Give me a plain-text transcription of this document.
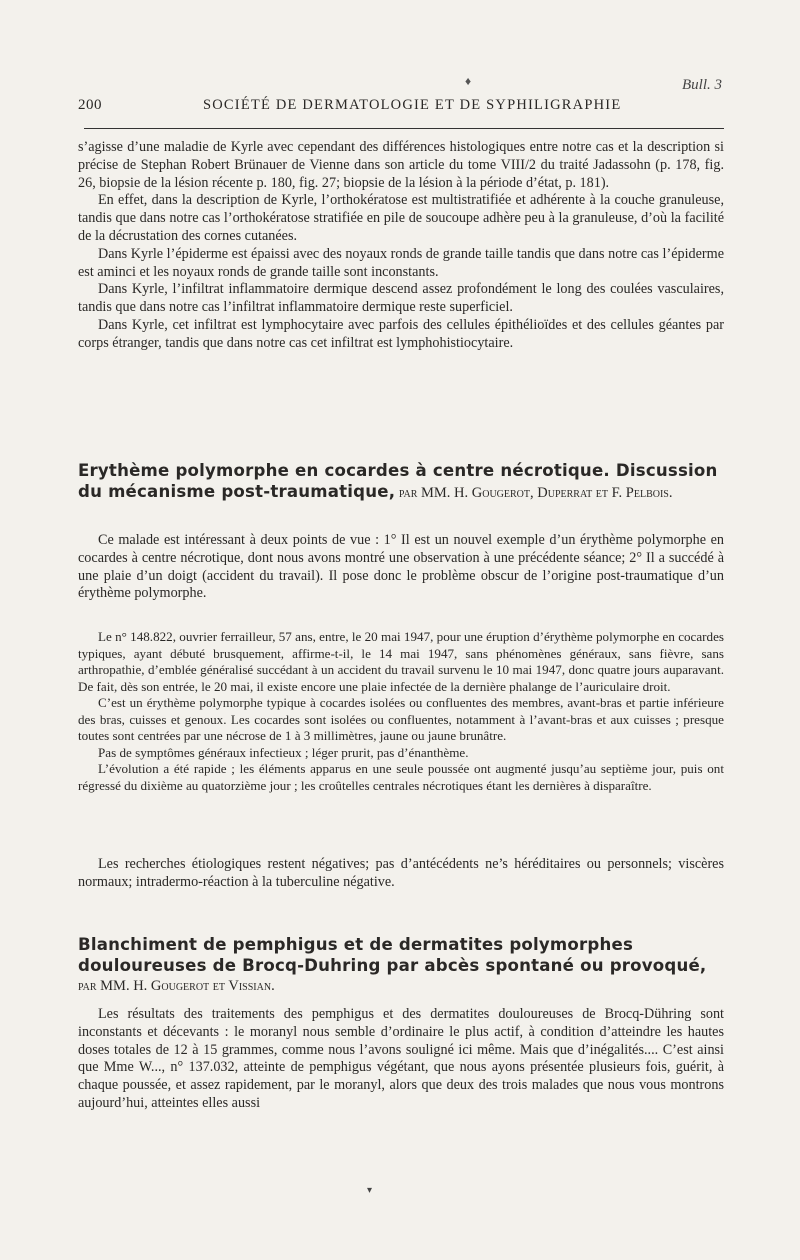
♦	Bull. 3
200	SOCIÉTÉ DE DERMATOLOGIE ET DE SYPHILIGRAPHIE

s’agisse d’une maladie de Kyrle avec cependant des différences histologiques entre notre cas et la description si précise de Stephan Robert Brünauer de Vienne dans son article du tome VIII/2 du traité Jadassohn (p. 178, fig. 26, biopsie de la lésion récente p. 180, fig. 27; biopsie de la lésion à la période d’état, p. 181).

En effet, dans la description de Kyrle, l’orthokératose est multistratifiée et adhérente à la couche granuleuse, tandis que dans notre cas l’orthokératose stratifiée en pile de soucoupe adhère peu à la granuleuse, d’où la facilité de la décrustation des cornes cutanées.

Dans Kyrle l’épiderme est épaissi avec des noyaux ronds de grande taille tandis que dans notre cas l’épiderme est aminci et les noyaux ronds de grande taille sont inconstants.

Dans Kyrle, l’infiltrat inflammatoire dermique descend assez profondément le long des coulées vasculaires, tandis que dans notre cas l’infiltrat inflammatoire dermique reste superficiel.

Dans Kyrle, cet infiltrat est lymphocytaire avec parfois des cellules épithélioïdes et des cellules géantes par corps étranger, tandis que dans notre cas cet infiltrat est lymphohistiocytaire.

Erythème polymorphe en cocardes à centre nécrotique. Discussion du mécanisme post-traumatique, par MM. H. Gougerot, Duperrat et F. Pelbois.

Ce malade est intéressant à deux points de vue : 1° Il est un nouvel exemple d’un érythème polymorphe en cocardes à centre nécrotique, dont nous avons montré une observation à une précédente séance; 2° Il a succédé à une plaie d’un doigt (accident du travail). Il pose donc le problème obscur de l’origine post-traumatique d’un érythème polymorphe.

Le n° 148.822, ouvrier ferrailleur, 57 ans, entre, le 20 mai 1947, pour une éruption d’érythème polymorphe en cocardes typiques, ayant débuté brusquement, affirme-t-il, le 14 mai 1947, sans phénomènes généraux, sans fièvre, sans arthropathie, d’emblée généralisé succédant à un accident du travail survenu le 10 mai 1947, donc quatre jours auparavant. De fait, dès son entrée, le 20 mai, il existe encore une plaie infectée de la dernière phalange de l’auriculaire droit.

C’est un érythème polymorphe typique à cocardes isolées ou confluentes des membres, avant-bras et partie inférieure des bras, cuisses et genoux. Les cocardes sont isolées ou confluentes, notamment à l’avant-bras et aux cuisses ; presque toutes sont centrées par une nécrose de 1 à 3 millimètres, jaune ou jaune brunâtre.

Pas de symptômes généraux infectieux ; léger prurit, pas d’énanthème.

L’évolution a été rapide ; les éléments apparus en une seule poussée ont augmenté jusqu’au septième jour, puis ont régressé du dixième au quatorzième jour ; les croûtelles centrales nécrotiques étant les dernières à disparaître.

Les recherches étiologiques restent négatives; pas d’antécédents ne’s héréditaires ou personnels; viscères normaux; intradermo-réaction à la tuberculine négative.

Blanchiment de pemphigus et de dermatites polymorphes douloureuses de Brocq-Duhring par abcès spontané ou provoqué, par MM. H. Gougerot et Vissian.

Les résultats des traitements des pemphigus et des dermatites douloureuses de Brocq-Dühring sont inconstants et décevants : le moranyl nous semble d’ordinaire le plus actif, à condition d’atteindre les hautes doses totales de 12 à 15 grammes, comme nous l’avons souligné ici même. Mais que d’inégalités.... C’est ainsi que Mme W..., n° 137.032, atteinte de pemphigus végétant, que nous ayons présentée plusieurs fois, guérit, à chaque poussée, et assez rapidement, par le moranyl, alors que deux des trois malades que nous vous montrons aujourd’hui, atteintes elles aussi

▾
